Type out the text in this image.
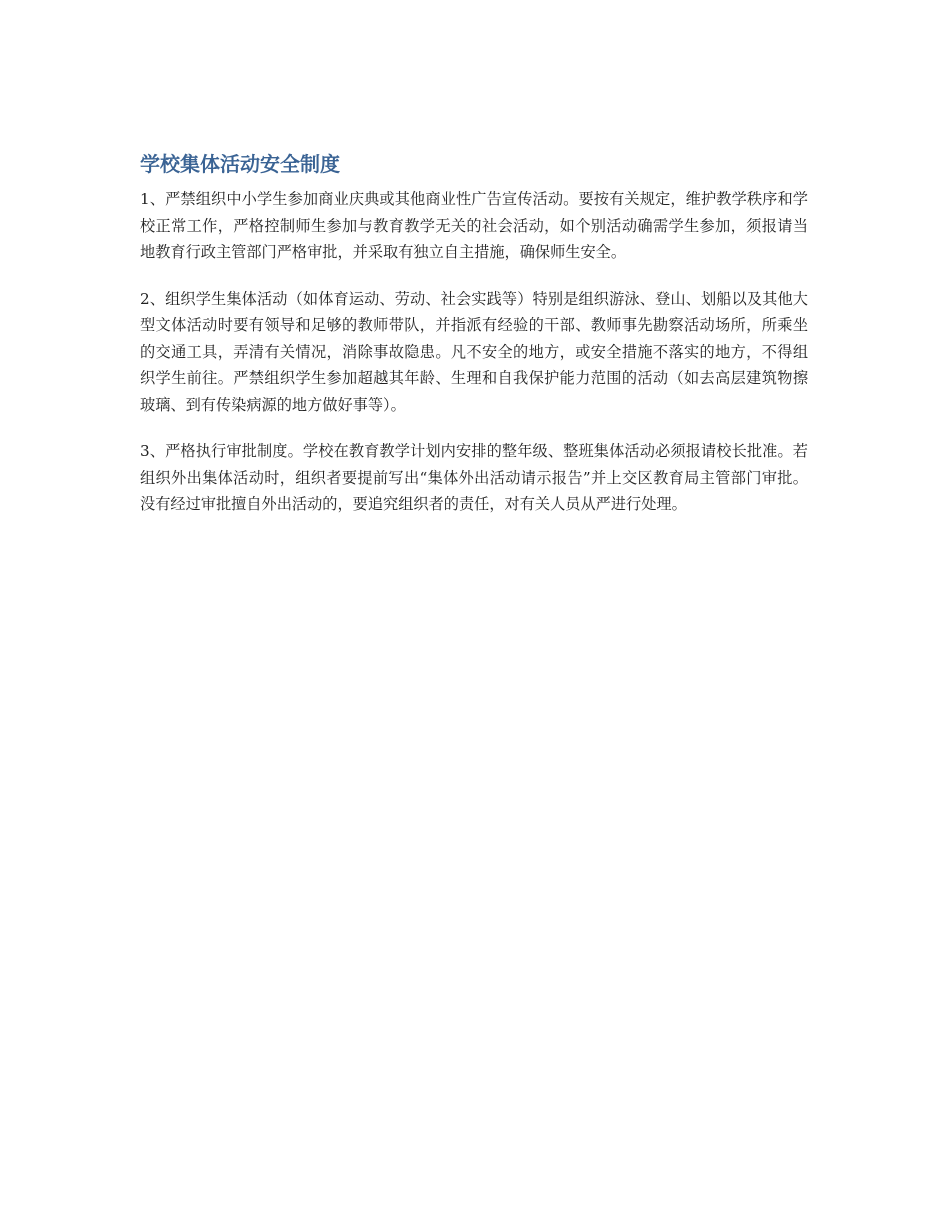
学校集体活动安全制度

1、严禁组织中小学生参加商业庆典或其他商业性广告宣传活动。要按有关规定，维护教学秩序和学校正常工作，严格控制师生参加与教育教学无关的社会活动，如个别活动确需学生参加，须报请当地教育行政主管部门严格审批，并采取有独立自主措施，确保师生安全。

2、组织学生集体活动（如体育运动、劳动、社会实践等）特别是组织游泳、登山、划船以及其他大型文体活动时要有领导和足够的教师带队，并指派有经验的干部、教师事先勘察活动场所，所乘坐的交通工具，弄清有关情况，消除事故隐患。凡不安全的地方，或安全措施不落实的地方，不得组织学生前往。严禁组织学生参加超越其年龄、生理和自我保护能力范围的活动（如去高层建筑物擦玻璃、到有传染病源的地方做好事等）。

3、严格执行审批制度。学校在教育教学计划内安排的整年级、整班集体活动必须报请校长批准。若组织外出集体活动时，组织者要提前写出“集体外出活动请示报告”并上交区教育局主管部门审批。没有经过审批擅自外出活动的，要追究组织者的责任，对有关人员从严进行处理。
